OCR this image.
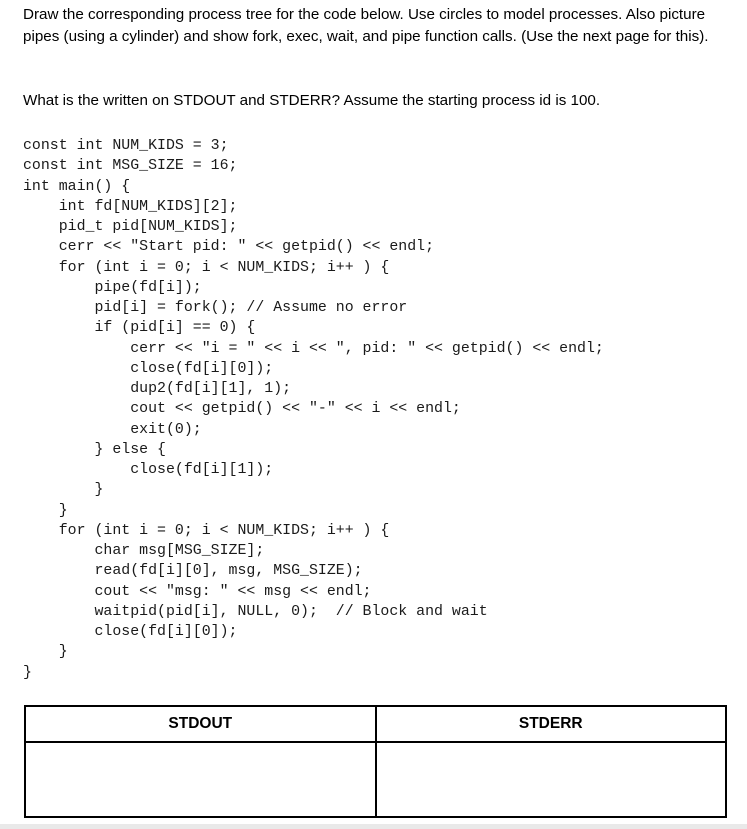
Draw the corresponding process tree for the code below. Use circles to model processes. Also picture pipes (using a cylinder) and show fork, exec, wait, and pipe function calls. (Use the next page for this).

What is the written on STDOUT and STDERR? Assume the starting process id is 100.

const int NUM_KIDS = 3;
const int MSG_SIZE = 16;
int main() {
int fd[NUM_KIDS][2];
pid_t pid[NUM_KIDS];
cerr << "Start pid: " << getpid() << endl;
for (int i = 0; i < NUM_KIDS; i++ ) {
pipe(fd[i]);
pid[i] = fork(); // Assume no error
if (pid[i] == 0) {
cerr << "i = " << i << ", pid: " << getpid() << endl;
close(fd[i][0]);
dup2(fd[i][1], 1);
cout << getpid() << "-" << i << endl;
exit(0);
} else {
close(fd[i][1]);
}
}
for (int i = 0; i < NUM_KIDS; i++ ) {
char msg[MSG_SIZE];
read(fd[i][0], msg, MSG_SIZE);
cout << "msg: " << msg << endl;
waitpid(pid[i], NULL, 0);  // Block and wait
close(fd[i][0]);
}
}
STDOUT	STDERR
